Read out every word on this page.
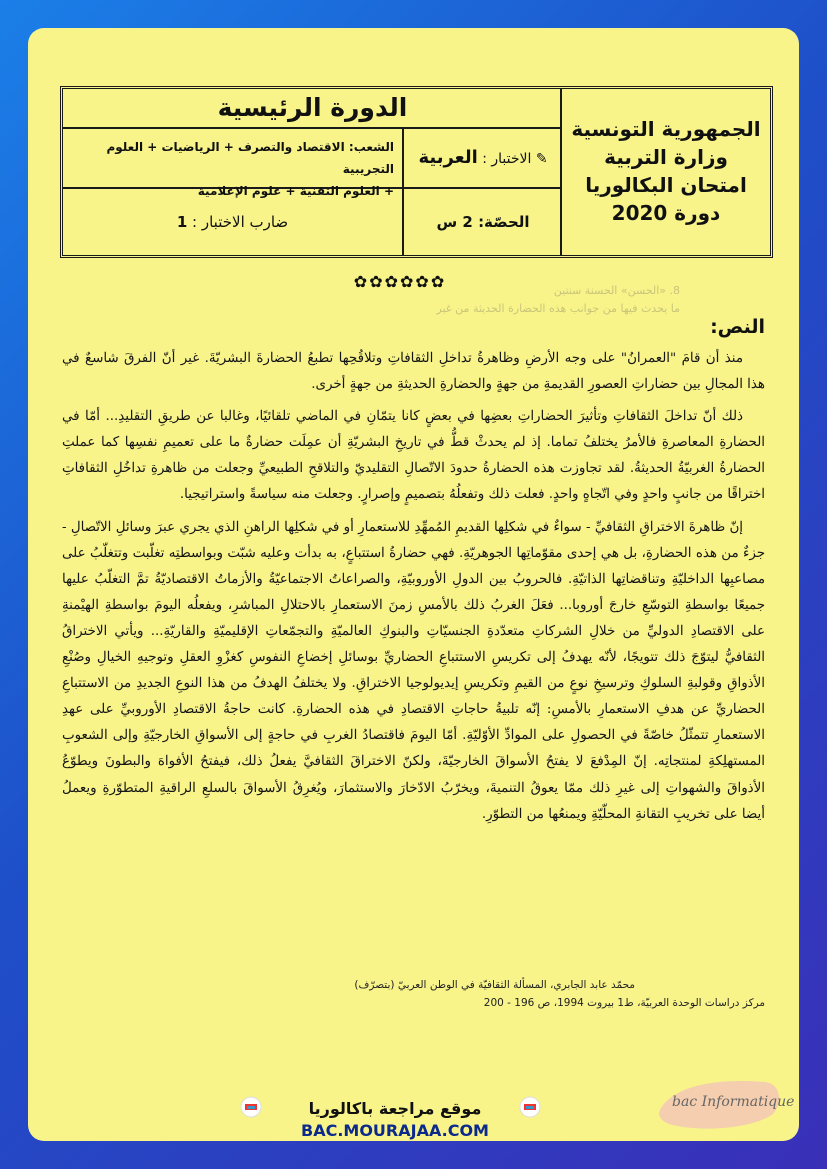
الجمهورية التونسية
وزارة التربية
امتحان البكالوريا
دورة 2020
الدورة الرئيسية
✎ الاختبار : العربية
الشعب: الاقتصاد والتصرف + الرياضيات + العلوم التجريبية
+ العلوم التقنية + علوم الإعلامية
الحصّة: 2 س
ضارب الاختبار : 1
✿✿✿✿✿✿	8. «الحسن» الحسنة سنتين
ما يحدث فيها من جوانب هذه الحضارة الحديثة من غير
النص:

منذ أن قامَ "العمرانُ" على وجه الأرضِ وظاهرةُ تداخلِ الثقافاتِ وتلاقُحِها تطبعُ الحضارةَ البشريّةَ. غير أنّ الفرقَ شاسعٌ في هذا المجالِ بين حضاراتِ العصورِ القديمةِ من جهةٍ والحضارةِ الحديثةِ من جهةٍ أخرى.

ذلك أنّ تداخلَ الثقافاتِ وتأثيرَ الحضاراتِ بعضِها في بعضٍ كانا يتمّانِ في الماضي تلقائيًا، وغالبا عن طريقِ التقليدِ... أمّا في الحضارةِ المعاصرةِ فالأمرُ يختلفُ تماما. إذ لم يحدثْ قطُّ في تاريخِ البشريّةِ أن عمِلَت حضارةٌ ما على تعميمِ نفسِها كما عملتِ الحضارةُ الغربيّةُ الحديثةُ. لقد تجاوزت هذه الحضارةُ حدودَ الاتّصالِ التقليديّ والتلاقحِ الطبيعيِّ وجعلت من ظاهرةِ تداخُلِ الثقافاتِ اختراقًا من جانبٍ واحدٍ وفي اتّجاهٍ واحدٍ. فعلت ذلك وتفعلُهُ بتصميمٍ وإصرارٍ. وجعلت منه سياسةً واستراتيجيا.

إنّ ظاهرةَ الاختراقِ الثقافيِّ - سواءٌ في شكلِها القديمِ المُمهِّدِ للاستعمارِ أو في شكلِها الراهنِ الذي يجري عبرَ وسائلِ الاتّصالِ - جزءٌ من هذه الحضارةِ، بل هي إحدى مقوّماتِها الجوهريّةِ. فهي حضارةُ استتباعٍ، به بدأت وعليه شبّت وبواسطتِه تغلّبت وتتغلّبُ على مصاعبِها الداخليّةِ وتناقضاتِها الذاتيّةِ. فالحروبُ بين الدولِ الأوروبيّةِ، والصراعاتُ الاجتماعيّةُ والأزماتُ الاقتصاديّةُ تمَّ التغلّبُ عليها جميعًا بواسطةِ التوسّعِ خارجَ أوروبا... فعَلَ الغربُ ذلك بالأمسِ زمنَ الاستعمارِ بالاحتلالِ المباشرِ، ويفعلُه اليومَ بواسطةِ الهيْمنةِ على الاقتصادِ الدوليِّ من خلالِ الشركاتِ متعدّدةِ الجنسيّاتِ والبنوكِ العالميّةِ والتجمّعاتِ الإقليميّةِ والقاريّةِ... ويأتي الاختراقُ الثقافيُّ ليتوّجَ ذلك تتويجًا، لأنّه يهدفُ إلى تكريسِ الاستتباعِ الحضاريِّ بوسائلِ إخضاعِ النفوسِ كغزْوِ العقلِ وتوجيهِ الخيالِ وصُنْعِ الأذواقِ وقولبةِ السلوكِ وترسيخِ نوعٍ من القيمِ وتكريسِ إيديولوجيا الاختراقِ. ولا يختلفُ الهدفُ من هذا النوعِ الجديدِ من الاستتباعِ الحضاريِّ عن هدفِ الاستعمارِ بالأمسِ: إنّه تلبيةُ حاجاتِ الاقتصادِ في هذه الحضارةِ. كانت حاجةُ الاقتصادِ الأوروبيِّ على عهدِ الاستعمارِ تتمثّلُ خاصّةً في الحصولِ على الموادِّ الأوّليّةِ. أمّا اليومَ فاقتصادُ الغربِ في حاجةٍ إلى الأسواقِ الخارجيّةِ وإلى الشعوبِ المستهلِكةِ لمنتجاتِه. إنّ المِدْفعَ لا يفتحُ الأسواقَ الخارجيّةَ، ولكنّ الاختراقَ الثقافيَّ يفعلُ ذلك، فيفتحُ الأفواهَ والبطونَ ويطوّعُ الأذواقَ والشهواتِ إلى غيرِ ذلك ممّا يعوقُ التنميةَ، ويخرّبُ الادّخارَ والاستثمارَ، ويُغرِقُ الأسواقَ بالسلعِ الراقيةِ المتطوّرةِ ويعملُ أيضا على تخريبِ التقانةِ المحلّيّةِ ويمنعُها من التطوّرِ.

محمّد عابد الجابري، المسألة الثقافيّة في الوطن العربيّ (بتصرّف)
مركز دراسات الوحدة العربيّة، ط1 بيروت 1994، ص 196 - 200
موقع مراجعة باكالوريا
BAC.MOURAJAA.COM
bac Informatique
